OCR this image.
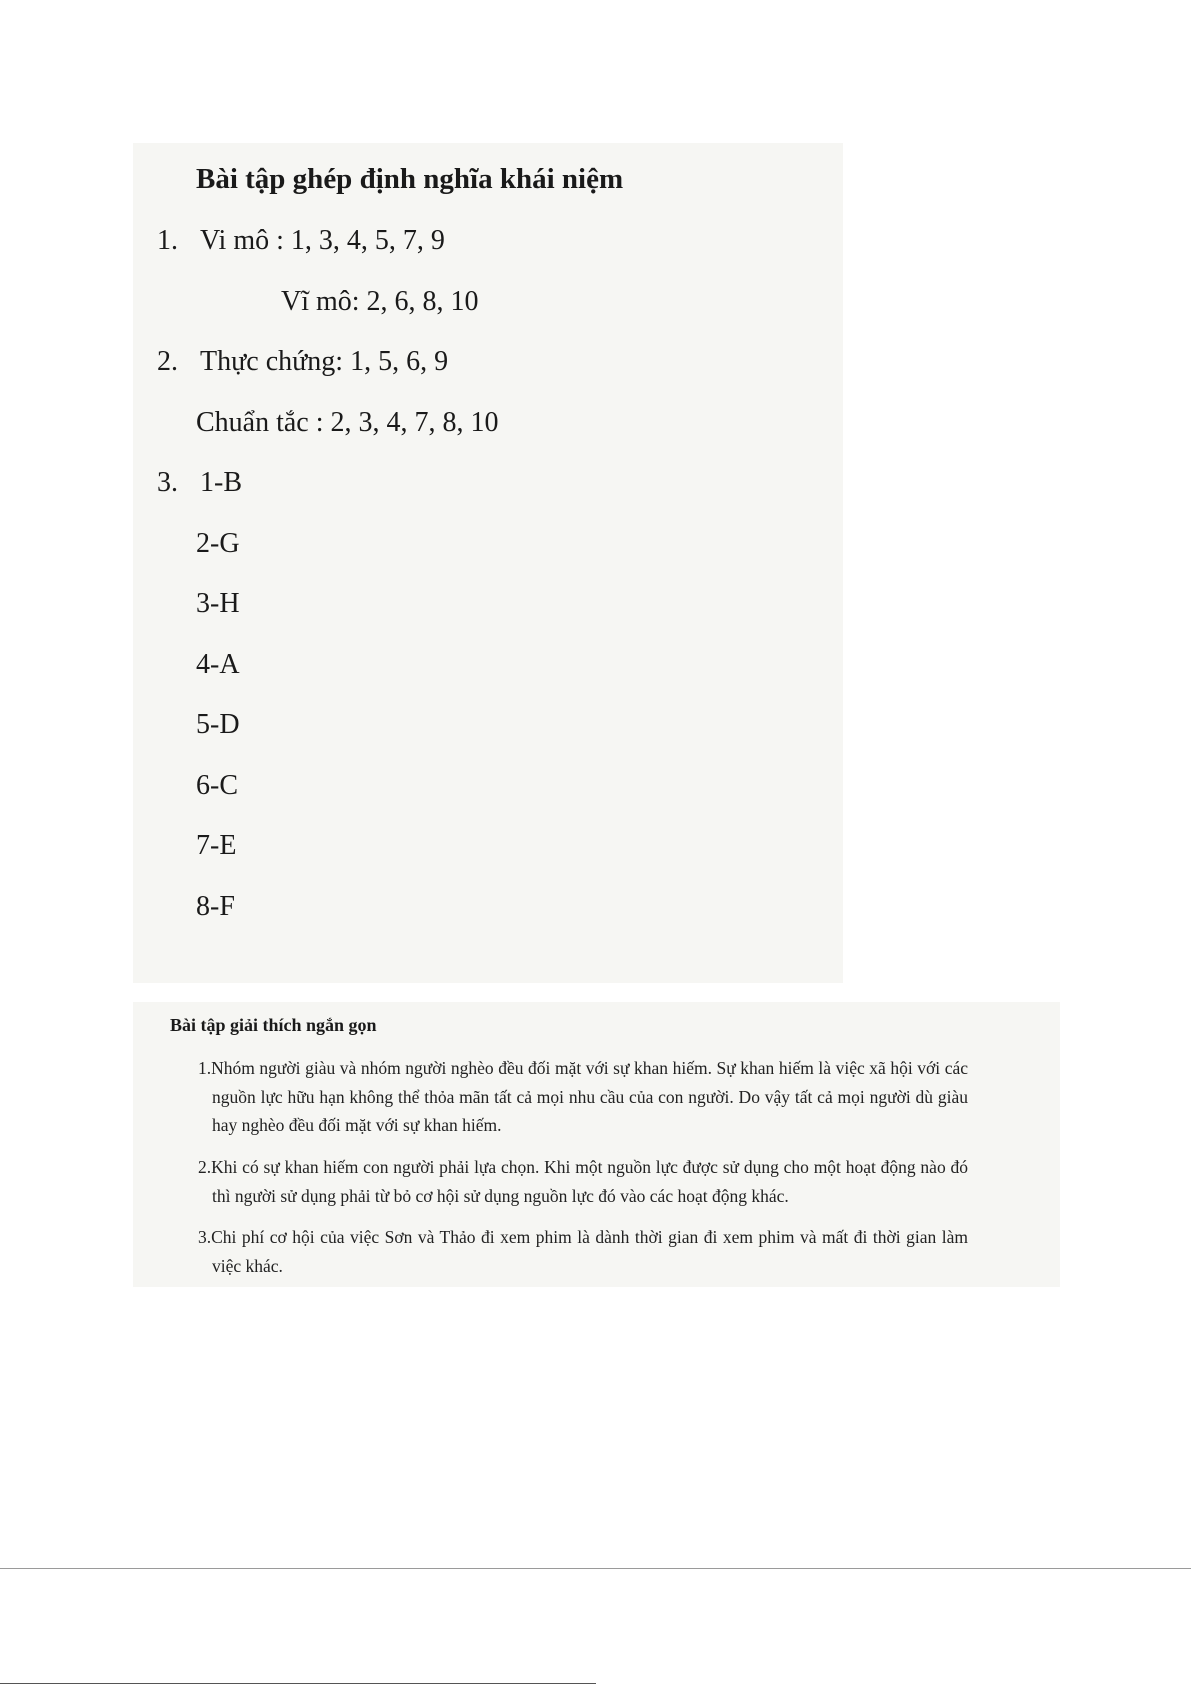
Bài tập ghép định nghĩa khái niệm
1. Vi mô : 1, 3, 4, 5, 7, 9
Vĩ mô: 2, 6, 8, 10
2. Thực chứng: 1, 5, 6, 9
Chuẩn tắc : 2, 3, 4, 7, 8, 10
3. 1-B
2-G
3-H
4-A
5-D
6-C
7-E
8-F
Bài tập giải thích ngắn gọn
1.Nhóm người giàu và nhóm người nghèo đều đối mặt với sự khan hiếm. Sự khan hiếm là việc xã hội với các nguồn lực hữu hạn không thể thỏa mãn tất cả mọi nhu cầu của con người. Do vậy tất cả mọi người dù giàu hay nghèo đều đối mặt với sự khan hiếm.
2.Khi có sự khan hiếm con người phải lựa chọn. Khi một nguồn lực được sử dụng cho một hoạt động nào đó thì người sử dụng phải từ bỏ cơ hội sử dụng nguồn lực đó vào các hoạt động khác.
3.Chi phí cơ hội của việc Sơn và Thảo đi xem phim là dành thời gian đi xem phim và mất đi thời gian làm việc khác.
